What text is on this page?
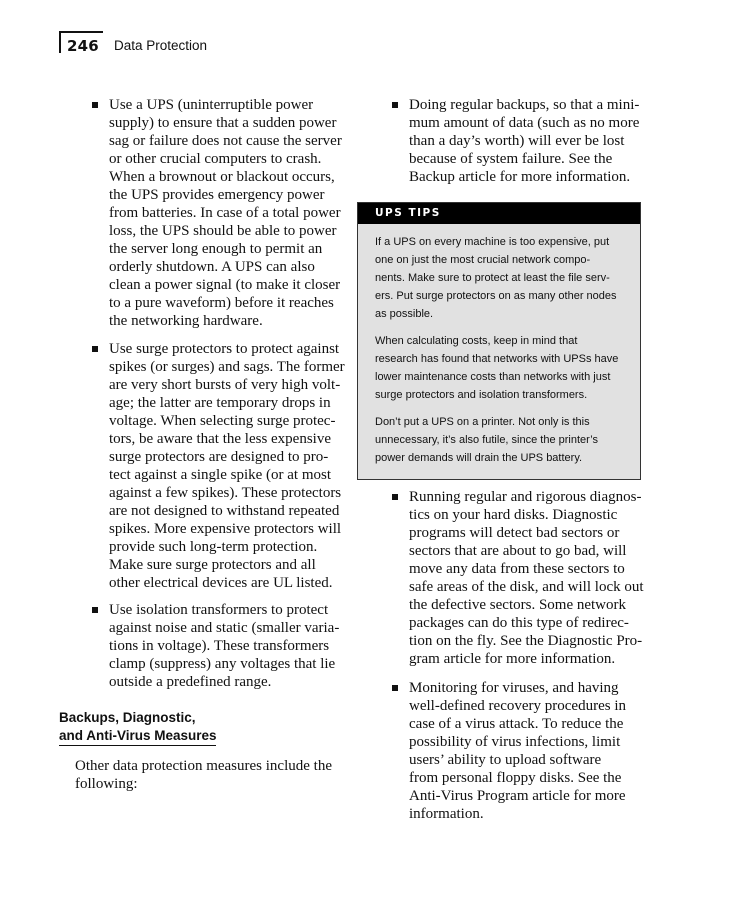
246 Data Protection
Use a UPS (uninterruptible power
supply) to ensure that a sudden power
sag or failure does not cause the server
or other crucial computers to crash.
When a brownout or blackout occurs,
the UPS provides emergency power
from batteries. In case of a total power
loss, the UPS should be able to power
the server long enough to permit an
orderly shutdown. A UPS can also
clean a power signal (to make it closer
to a pure waveform) before it reaches
the networking hardware.
Use surge protectors to protect against
spikes (or surges) and sags. The former
are very short bursts of very high volt-
age; the latter are temporary drops in
voltage. When selecting surge protec-
tors, be aware that the less expensive
surge protectors are designed to pro-
tect against a single spike (or at most
against a few spikes). These protectors
are not designed to withstand repeated
spikes. More expensive protectors will
provide such long-term protection.
Make sure surge protectors and all
other electrical devices are UL listed.
Use isolation transformers to protect
against noise and static (smaller varia-
tions in voltage). These transformers
clamp (suppress) any voltages that lie
outside a predefined range.
Backups, Diagnostic,
and Anti-Virus Measures
Other data protection measures include the
following:
Doing regular backups, so that a mini-
mum amount of data (such as no more
than a day’s worth) will ever be lost
because of system failure. See the
Backup article for more information.
UPS TIPS
If a UPS on every machine is too expensive, put
one on just the most crucial network compo-
nents. Make sure to protect at least the file serv-
ers. Put surge protectors on as many other nodes
as possible.
When calculating costs, keep in mind that
research has found that networks with UPSs have
lower maintenance costs than networks with just
surge protectors and isolation transformers.
Don’t put a UPS on a printer. Not only is this
unnecessary, it’s also futile, since the printer’s
power demands will drain the UPS battery.
Running regular and rigorous diagnos-
tics on your hard disks. Diagnostic
programs will detect bad sectors or
sectors that are about to go bad, will
move any data from these sectors to
safe areas of the disk, and will lock out
the defective sectors. Some network
packages can do this type of redirec-
tion on the fly. See the Diagnostic Pro-
gram article for more information.
Monitoring for viruses, and having
well-defined recovery procedures in
case of a virus attack. To reduce the
possibility of virus infections, limit
users’ ability to upload software
from personal floppy disks. See the
Anti-Virus Program article for more
information.
